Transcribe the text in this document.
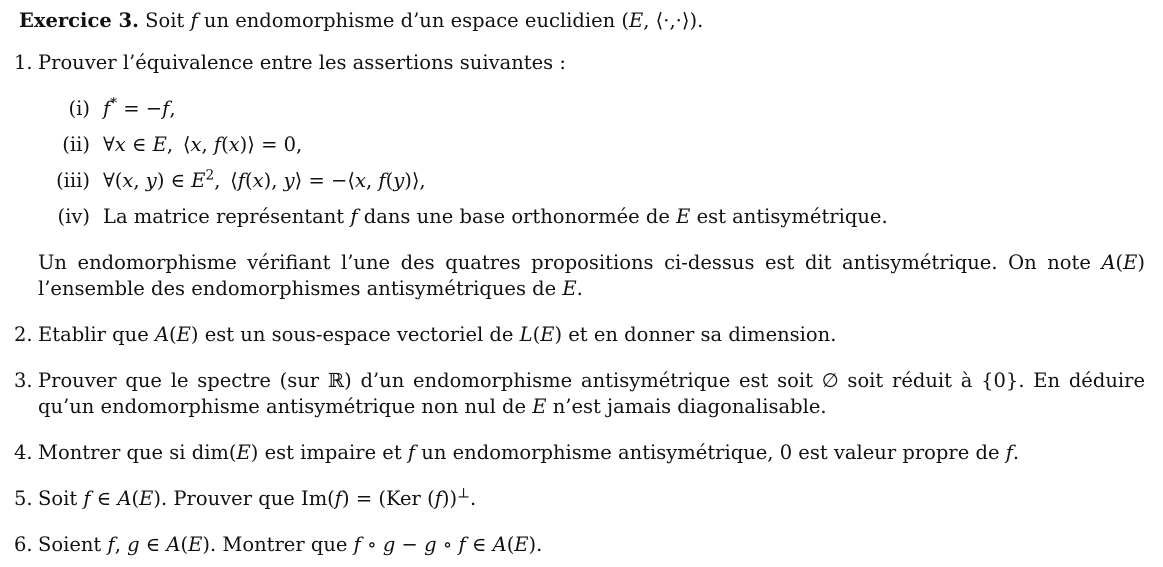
Exercice 3. Soit f un endomorphisme d’un espace euclidien (E, ⟨·,·⟩).

1. Prouver l’équivalence entre les assertions suivantes :
(i) f* = −f,
(ii) ∀x ∈ E, ⟨x, f(x)⟩ = 0,
(iii) ∀(x, y) ∈ $E^2$, ⟨f(x), y⟩ = −⟨x, f(y)⟩,
(iv) La matrice représentant f dans une base orthonormée de E est antisymétrique.

Un endomorphisme vérifiant l’une des quatres propositions ci-dessus est dit antisymétrique. On note A(E) l’ensemble des endomorphismes antisymétriques de E.

2. Etablir que A(E) est un sous-espace vectoriel de L(E) et en donner sa dimension.
3. Prouver que le spectre (sur ℝ) d’un endomorphisme antisymétrique est soit ∅ soit réduit à {0}. En déduire qu’un endomorphisme antisymétrique non nul de E n’est jamais diagonalisable.
4. Montrer que si dim(E) est impaire et f un endomorphisme antisymétrique, 0 est valeur propre de f.
5. Soit f ∈ A(E). Prouver que Im(f) = (Ker (f))⊥.
6. Soient f, g ∈ A(E). Montrer que f ∘ g − g ∘ f ∈ A(E).
